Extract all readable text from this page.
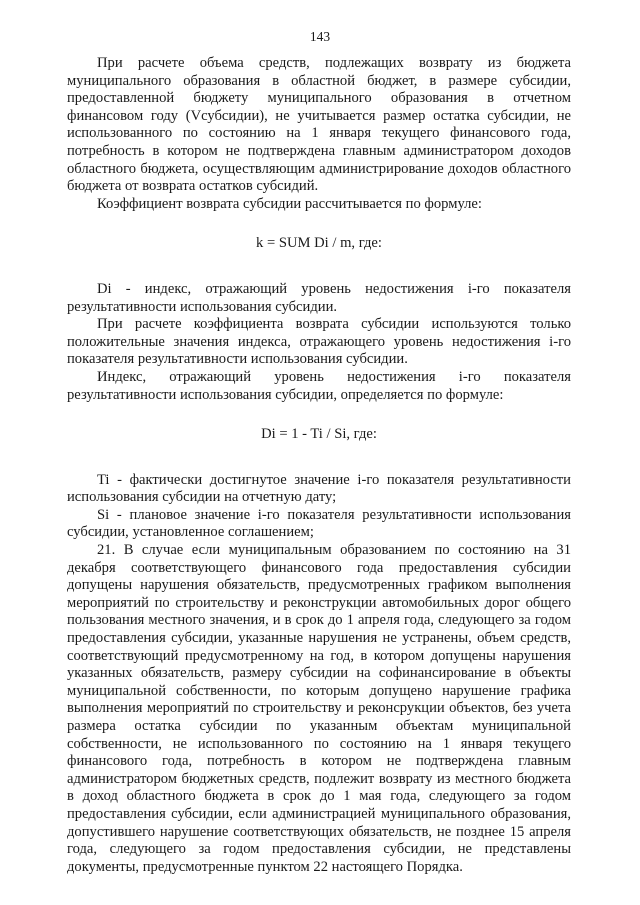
143

При расчете объема средств, подлежащих возврату из бюджета муниципального образования в областной бюджет, в размере субсидии, предоставленной бюджету муниципального образования в отчетном финансовом году (Vсубсидии), не учитывается размер остатка субсидии, не использованного по состоянию на 1 января текущего финансового года, потребность в котором не подтверждена главным администратором доходов областного бюджета, осуществляющим администрирование доходов областного бюджета от возврата остатков субсидий.

Коэффициент возврата субсидии рассчитывается по формуле:

k = SUM Di / m, где:

Di - индекс, отражающий уровень недостижения i-го показателя результативности использования субсидии.

При расчете коэффициента возврата субсидии используются только положительные значения индекса, отражающего уровень недостижения i-го показателя результативности использования субсидии.

Индекс, отражающий уровень недостижения i-го показателя результативности использования субсидии, определяется по формуле:

Di = 1 - Ti / Si, где:

Ti - фактически достигнутое значение i-го показателя результативности использования субсидии на отчетную дату;

Si - плановое значение i-го показателя результативности использования субсидии, установленное соглашением;

21. В случае если муниципальным образованием по состоянию на 31 декабря соответствующего финансового года предоставления субсидии допущены нарушения обязательств, предусмотренных графиком выполнения мероприятий по строительству и реконструкции автомобильных дорог общего пользования местного значения, и в срок до 1 апреля года, следующего за годом предоставления субсидии, указанные нарушения не устранены, объем средств, соответствующий предусмотренному на год, в котором допущены нарушения указанных обязательств, размеру субсидии на софинансирование в объекты муниципальной собственности, по которым допущено нарушение графика выполнения мероприятий по строительству и реконсрукции объектов, без учета размера остатка субсидии по указанным объектам муниципальной собственности, не использованного по состоянию на 1 января текущего финансового года, потребность в котором не подтверждена главным администратором бюджетных средств, подлежит возврату из местного бюджета в доход областного бюджета в срок до 1 мая года, следующего за годом предоставления субсидии, если администрацией муниципального образования, допустившего нарушение соответствующих обязательств, не позднее 15 апреля года, следующего за годом предоставления субсидии, не представлены документы, предусмотренные пунктом 22 настоящего Порядка.
